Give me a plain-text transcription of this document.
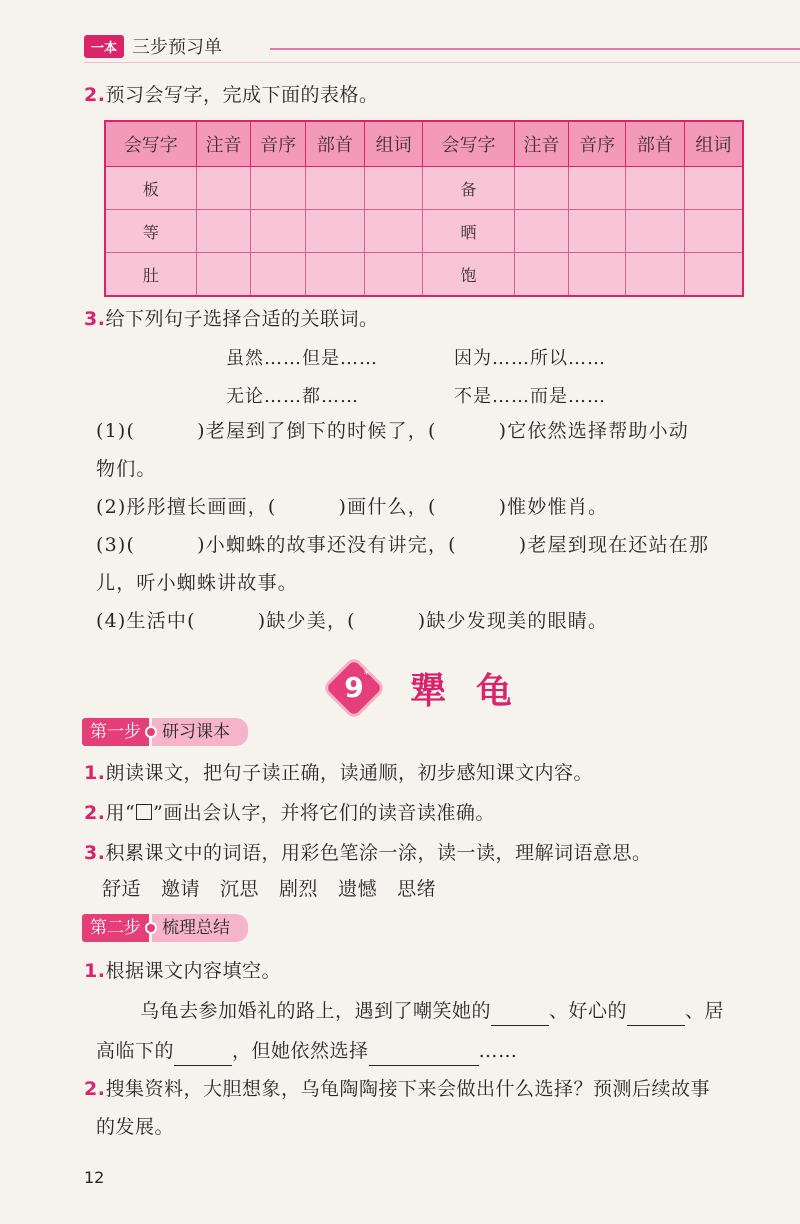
一本 三步预习单
2.预习会写字，完成下面的表格。
会写字	注音	音序	部首	组词	会写字	注音	音序	部首	组词
板					备				
等					晒				
肚					饱				
3.给下列句子选择合适的关联词。
虽然……但是……	因为……所以……
无论……都……	不是……而是……
(1)(	)老屋到了倒下的时候了，(	)它依然选择帮助小动
物们。
(2)彤彤擅长画画，(	)画什么，(	)惟妙惟肖。
(3)(	)小蜘蛛的故事还没有讲完，(	)老屋到现在还站在那
儿，听小蜘蛛讲故事。
(4)生活中(	)缺少美，(	)缺少发现美的眼睛。
9 * 犟龟
第一步	研习课本
1.朗读课文，把句子读正确，读通顺，初步感知课文内容。
2.用“ ”画出会认字，并将它们的读音读准确。
3.积累课文中的词语，用彩色笔涂一涂，读一读，理解词语意思。
舒适 邀请 沉思 剧烈 遗憾 思绪
第二步	梳理总结
1.根据课文内容填空。
乌龟去参加婚礼的路上，遇到了嘲笑她的	、好心的	、居
高临下的	，但她依然选择	……
2.搜集资料，大胆想象，乌龟陶陶接下来会做出什么选择？预测后续故事
的发展。
12
